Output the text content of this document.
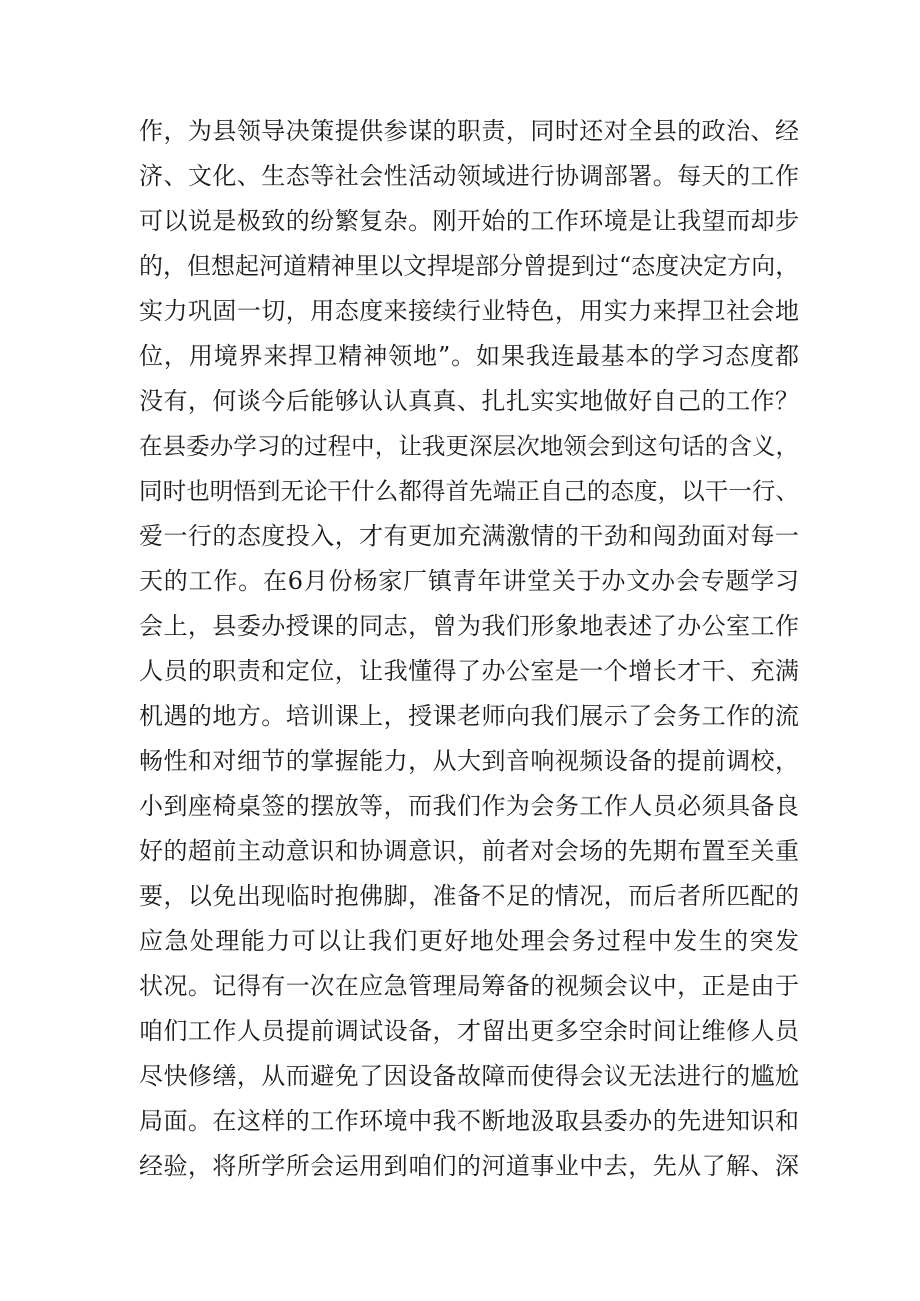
作，为县领导决策提供参谋的职责，同时还对全县的政治、经
济、文化、生态等社会性活动领域进行协调部署。每天的工作
可以说是极致的纷繁复杂。刚开始的工作环境是让我望而却步
的，但想起河道精神里以文捍堤部分曾提到过“态度决定方向，
实力巩固一切，用态度来接续行业特色，用实力来捍卫社会地
位，用境界来捍卫精神领地”。如果我连最基本的学习态度都
没有，何谈今后能够认认真真、扎扎实实地做好自己的工作？
在县委办学习的过程中，让我更深层次地领会到这句话的含义，
同时也明悟到无论干什么都得首先端正自己的态度，以干一行、
爱一行的态度投入，才有更加充满激情的干劲和闯劲面对每一
天的工作。在6月份杨家厂镇青年讲堂关于办文办会专题学习
会上，县委办授课的同志，曾为我们形象地表述了办公室工作
人员的职责和定位，让我懂得了办公室是一个增长才干、充满
机遇的地方。培训课上，授课老师向我们展示了会务工作的流
畅性和对细节的掌握能力，从大到音响视频设备的提前调校，
小到座椅桌签的摆放等，而我们作为会务工作人员必须具备良
好的超前主动意识和协调意识，前者对会场的先期布置至关重
要，以免出现临时抱佛脚，准备不足的情况，而后者所匹配的
应急处理能力可以让我们更好地处理会务过程中发生的突发
状况。记得有一次在应急管理局筹备的视频会议中，正是由于
咱们工作人员提前调试设备，才留出更多空余时间让维修人员
尽快修缮，从而避免了因设备故障而使得会议无法进行的尴尬
局面。在这样的工作环境中我不断地汲取县委办的先进知识和
经验，将所学所会运用到咱们的河道事业中去，先从了解、深
